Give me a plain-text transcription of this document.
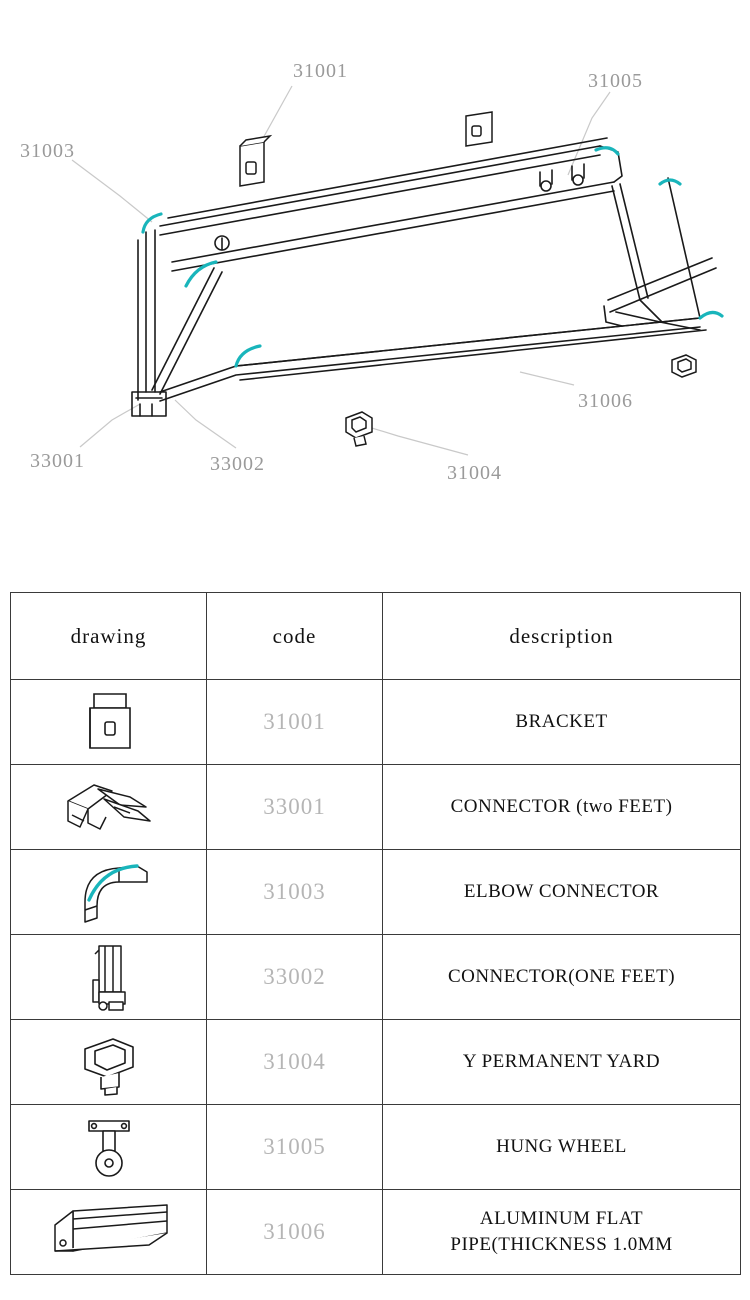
31001	31005
31003
31006
33001	33002	31004
drawing	code	description

	31001	BRACKET

	33001	CONNECTOR (two FEET)

	31003	ELBOW CONNECTOR

	33002	CONNECTOR(ONE FEET)

	31004	Y PERMANENT YARD

	31005	HUNG WHEEL

	31006	ALUMINUM FLAT
PIPE(THICKNESS 1.0MM
